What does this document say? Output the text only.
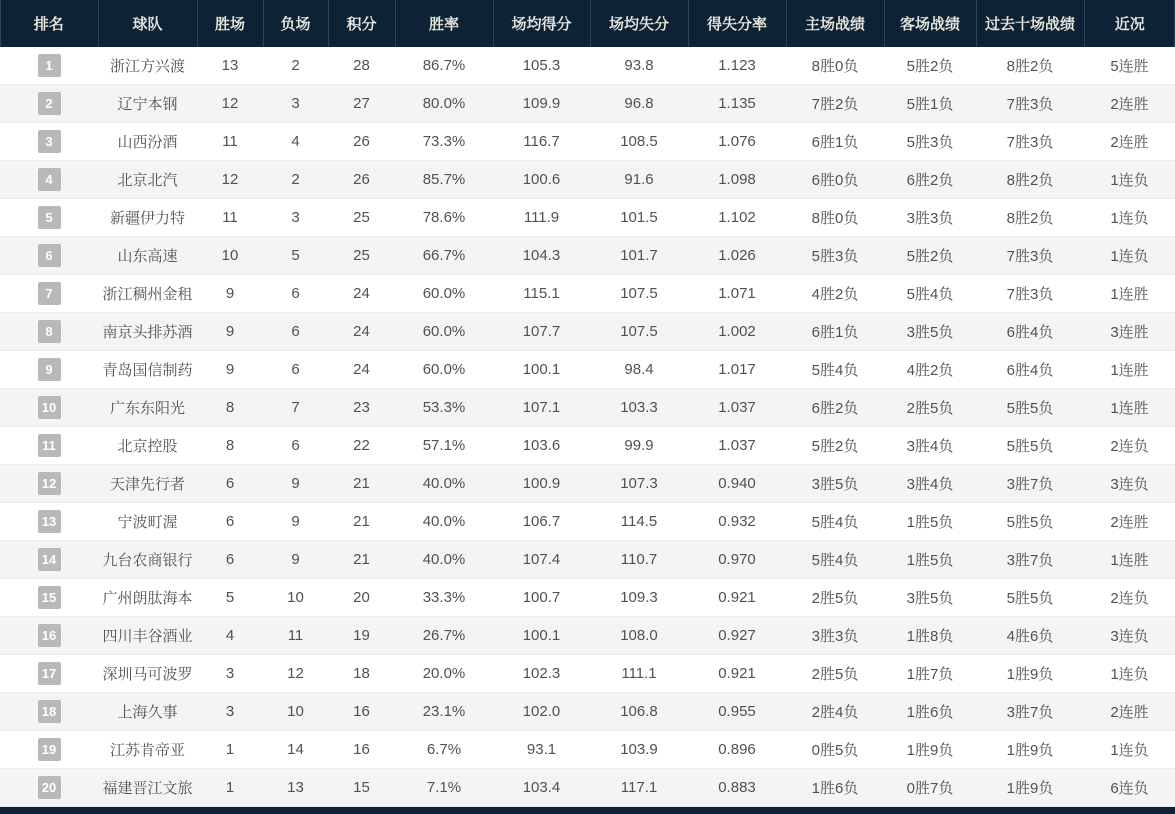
排名	球队	胜场	负场	积分	胜率	场均得分	场均失分	得失分率	主场战绩	客场战绩	过去十场战绩	近况
1	浙江方兴渡	13	2	28	86.7%	105.3	93.8	1.123	8胜0负	5胜2负	8胜2负	5连胜
2	辽宁本钢	12	3	27	80.0%	109.9	96.8	1.135	7胜2负	5胜1负	7胜3负	2连胜
3	山西汾酒	11	4	26	73.3%	116.7	108.5	1.076	6胜1负	5胜3负	7胜3负	2连胜
4	北京北汽	12	2	26	85.7%	100.6	91.6	1.098	6胜0负	6胜2负	8胜2负	1连负
5	新疆伊力特	11	3	25	78.6%	111.9	101.5	1.102	8胜0负	3胜3负	8胜2负	1连负
6	山东高速	10	5	25	66.7%	104.3	101.7	1.026	5胜3负	5胜2负	7胜3负	1连负
7	浙江稠州金租	9	6	24	60.0%	115.1	107.5	1.071	4胜2负	5胜4负	7胜3负	1连胜
8	南京头排苏酒	9	6	24	60.0%	107.7	107.5	1.002	6胜1负	3胜5负	6胜4负	3连胜
9	青岛国信制药	9	6	24	60.0%	100.1	98.4	1.017	5胜4负	4胜2负	6胜4负	1连胜
10	广东东阳光	8	7	23	53.3%	107.1	103.3	1.037	6胜2负	2胜5负	5胜5负	1连胜
11	北京控股	8	6	22	57.1%	103.6	99.9	1.037	5胜2负	3胜4负	5胜5负	2连负
12	天津先行者	6	9	21	40.0%	100.9	107.3	0.940	3胜5负	3胜4负	3胜7负	3连负
13	宁波町渥	6	9	21	40.0%	106.7	114.5	0.932	5胜4负	1胜5负	5胜5负	2连胜
14	九台农商银行	6	9	21	40.0%	107.4	110.7	0.970	5胜4负	1胜5负	3胜7负	1连胜
15	广州朗肽海本	5	10	20	33.3%	100.7	109.3	0.921	2胜5负	3胜5负	5胜5负	2连负
16	四川丰谷酒业	4	11	19	26.7%	100.1	108.0	0.927	3胜3负	1胜8负	4胜6负	3连负
17	深圳马可波罗	3	12	18	20.0%	102.3	111.1	0.921	2胜5负	1胜7负	1胜9负	1连负
18	上海久事	3	10	16	23.1%	102.0	106.8	0.955	2胜4负	1胜6负	3胜7负	2连胜
19	江苏肯帝亚	1	14	16	6.7%	93.1	103.9	0.896	0胜5负	1胜9负	1胜9负	1连负
20	福建晋江文旅	1	13	15	7.1%	103.4	117.1	0.883	1胜6负	0胜7负	1胜9负	6连负
